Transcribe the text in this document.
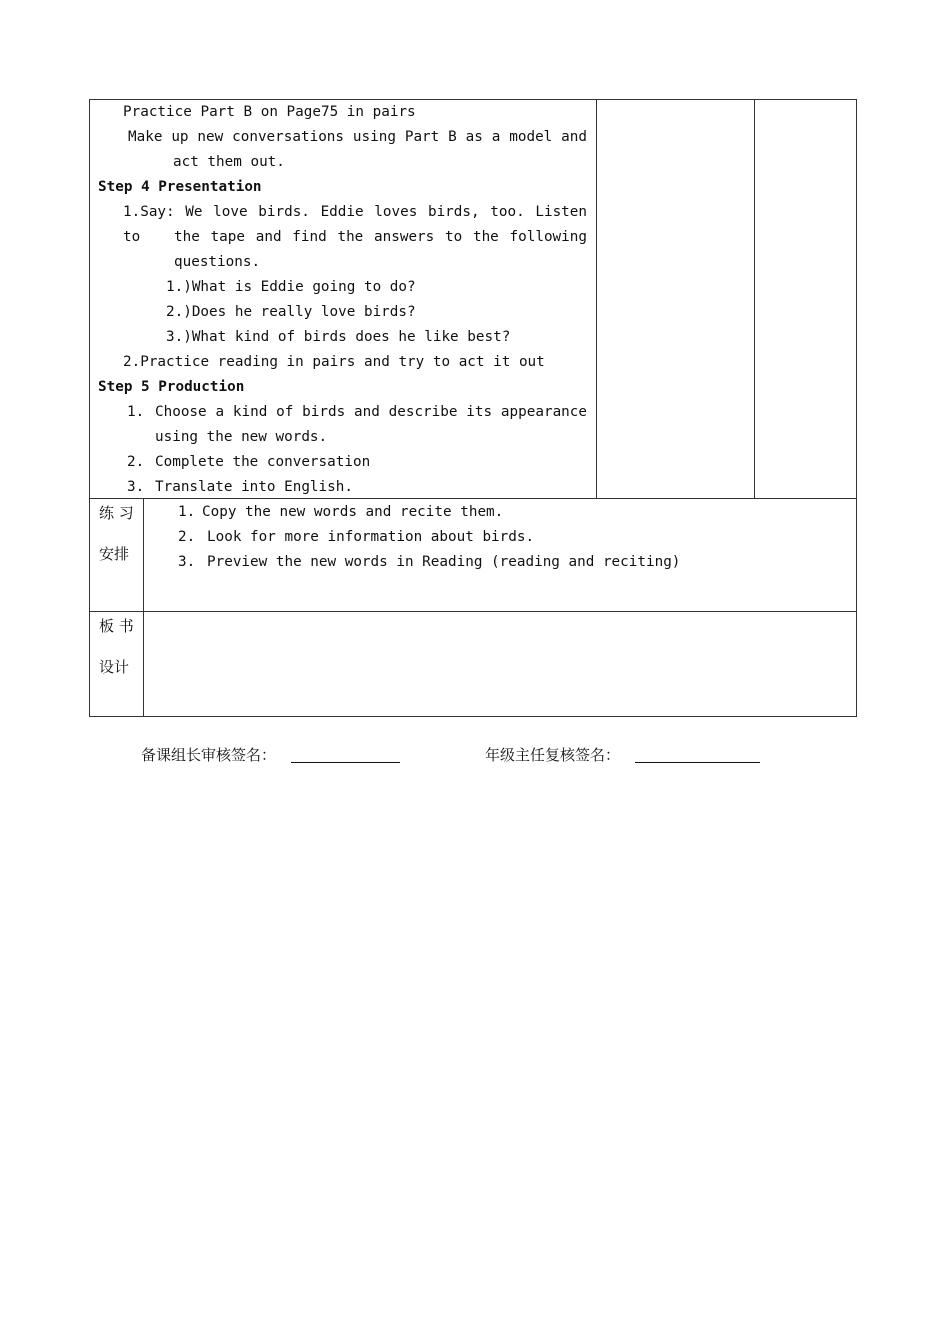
Practice Part B on Page75 in pairs
Make up new conversations using Part B as a model and
act them out.
Step 4 Presentation
1.Say: We love birds. Eddie loves birds, too. Listen to	the tape and find the answers to the following
questions.
1.)What is Eddie going to do?
2.)Does he really love birds?
3.)What kind of birds does he like best?
2.Practice reading in pairs and try to act it out
Step 5 Production
1. Choose a kind of birds and describe its appearance
using the new words.
2. Complete the conversation
3. Translate into English.
练 习
安排
1. Copy the new words and recite them.
2. Look for more information about birds.
3. Preview the new words in Reading (reading and reciting)
板 书
设计
备课组长审核签名：	年级主任复核签名：
